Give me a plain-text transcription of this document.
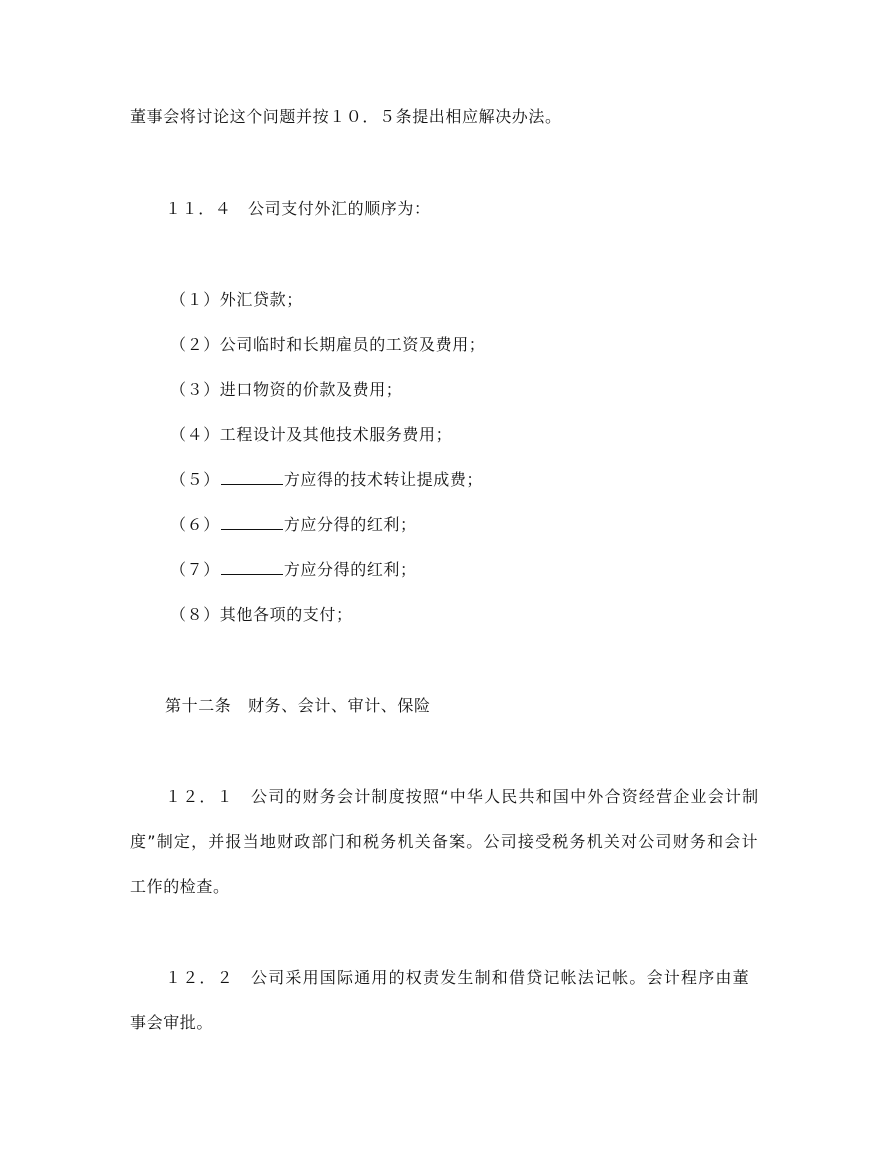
董事会将讨论这个问题并按１０．５条提出相应解决办法。
１１．４　公司支付外汇的顺序为：
（１）外汇贷款；
（２）公司临时和长期雇员的工资及费用；
（３）进口物资的价款及费用；
（４）工程设计及其他技术服务费用；
（５）	方应得的技术转让提成费；
（６）	方应分得的红利；
（７）	方应分得的红利；
（８）其他各项的支付；
第十二条　财务、会计、审计、保险
１２．１　公司的财务会计制度按照“中华人民共和国中外合资经营企业会计制
度”制定，并报当地财政部门和税务机关备案。公司接受税务机关对公司财务和会计
工作的检查。
１２．２　公司采用国际通用的权责发生制和借贷记帐法记帐。会计程序由董
事会审批。
